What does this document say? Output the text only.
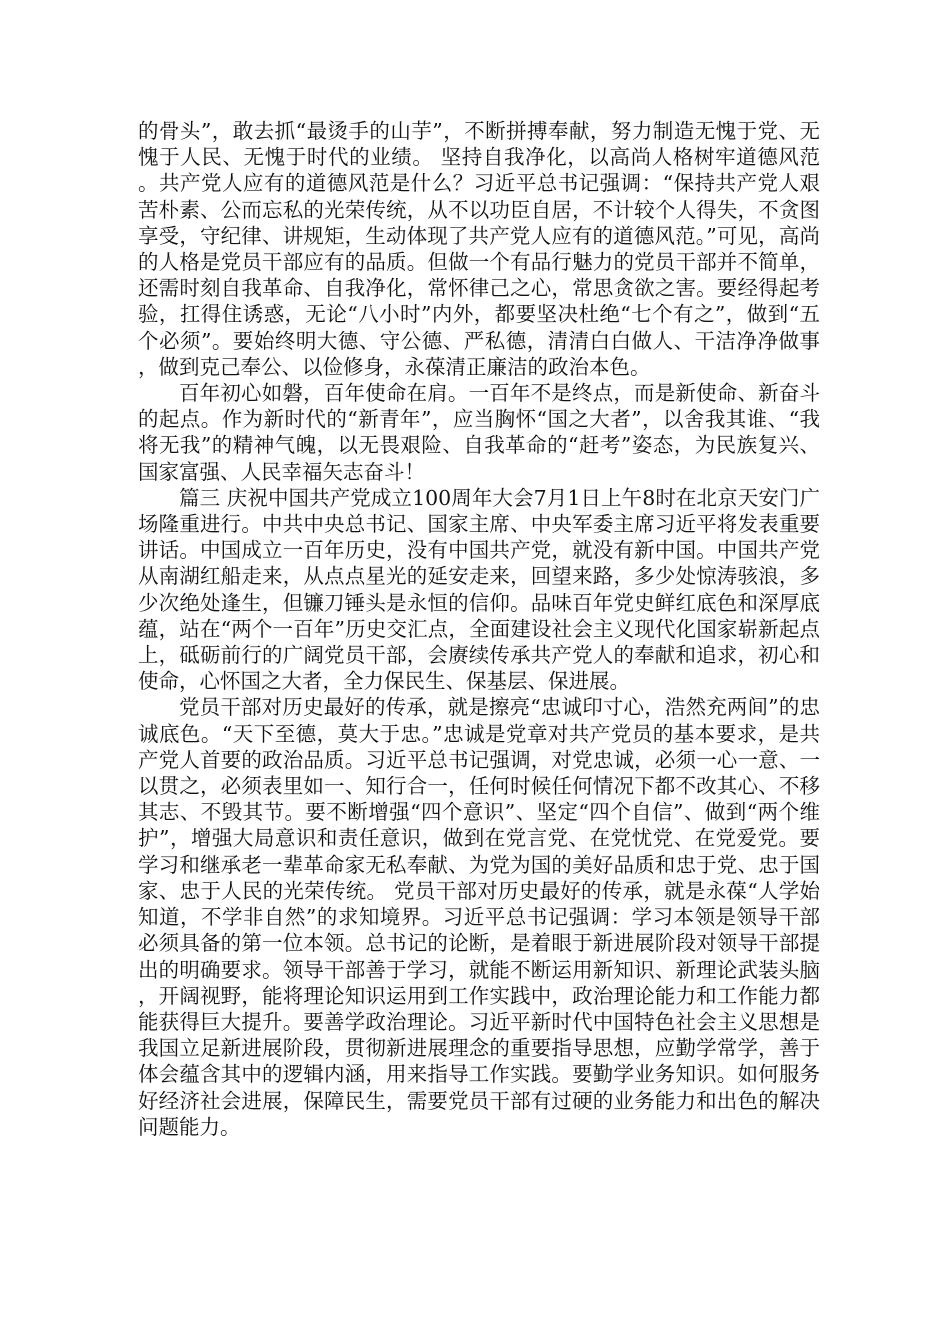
的骨头”，敢去抓“最烫手的山芋”，不断拼搏奉献，努力制造无愧于党、无愧于人民、无愧于时代的业绩。 坚持自我净化，以高尚人格树牢道德风范。共产党人应有的道德风范是什么？习近平总书记强调：“保持共产党人艰苦朴素、公而忘私的光荣传统，从不以功臣自居，不计较个人得失，不贪图享受，守纪律、讲规矩，生动体现了共产党人应有的道德风范。”可见，高尚的人格是党员干部应有的品质。但做一个有品行魅力的党员干部并不简单，还需时刻自我革命、自我净化，常怀律己之心，常思贪欲之害。要经得起考验，扛得住诱惑，无论“八小时”内外，都要坚决杜绝“七个有之”，做到“五个必须”。要始终明大德、守公德、严私德，清清白白做人、干洁净净做事，做到克己奉公、以俭修身，永葆清正廉洁的政治本色。

百年初心如磐，百年使命在肩。一百年不是终点，而是新使命、新奋斗的起点。作为新时代的“新青年”，应当胸怀“国之大者”，以舍我其谁、“我将无我”的精神气魄，以无畏艰险、自我革命的“赶考”姿态，为民族复兴、国家富强、人民幸福矢志奋斗！

篇三 庆祝中国共产党成立100周年大会7月1日上午8时在北京天安门广场隆重进行。中共中央总书记、国家主席、中央军委主席习近平将发表重要讲话。中国成立一百年历史，没有中国共产党，就没有新中国。中国共产党从南湖红船走来，从点点星光的延安走来，回望来路，多少处惊涛骇浪，多少次绝处逢生，但镰刀锤头是永恒的信仰。品味百年党史鲜红底色和深厚底蕴，站在“两个一百年”历史交汇点，全面建设社会主义现代化国家崭新起点上，砥砺前行的广阔党员干部，会赓续传承共产党人的奉献和追求，初心和使命，心怀国之大者，全力保民生、保基层、保进展。

党员干部对历史最好的传承，就是擦亮“忠诚印寸心，浩然充两间”的忠诚底色。“天下至德，莫大于忠。”忠诚是党章对共产党员的基本要求，是共产党人首要的政治品质。习近平总书记强调，对党忠诚，必须一心一意、一以贯之，必须表里如一、知行合一，任何时候任何情况下都不改其心、不移其志、不毁其节。要不断增强“四个意识”、坚定“四个自信”、做到“两个维护”，增强大局意识和责任意识，做到在党言党、在党忧党、在党爱党。要学习和继承老一辈革命家无私奉献、为党为国的美好品质和忠于党、忠于国家、忠于人民的光荣传统。 党员干部对历史最好的传承，就是永葆“人学始知道，不学非自然”的求知境界。习近平总书记强调：学习本领是领导干部必须具备的第一位本领。总书记的论断，是着眼于新进展阶段对领导干部提出的明确要求。领导干部善于学习，就能不断运用新知识、新理论武装头脑，开阔视野，能将理论知识运用到工作实践中，政治理论能力和工作能力都能获得巨大提升。要善学政治理论。习近平新时代中国特色社会主义思想是我国立足新进展阶段，贯彻新进展理念的重要指导思想，应勤学常学，善于体会蕴含其中的逻辑内涵，用来指导工作实践。要勤学业务知识。如何服务好经济社会进展，保障民生，需要党员干部有过硬的业务能力和出色的解决问题能力。
